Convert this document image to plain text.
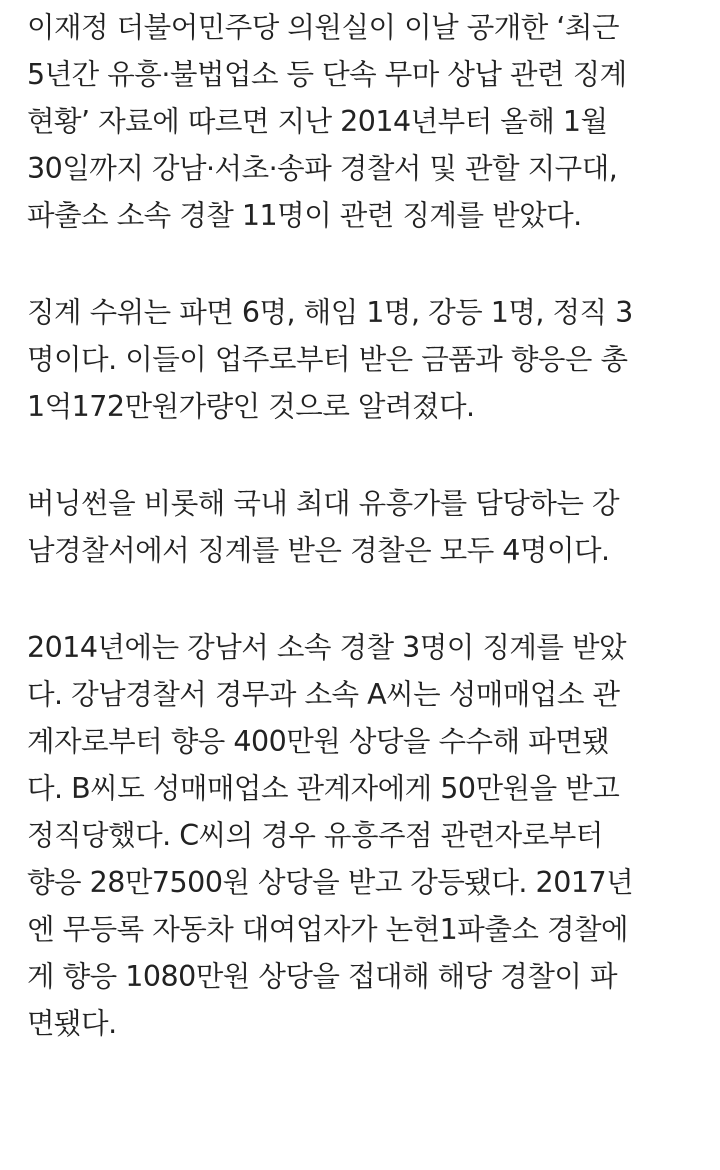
이재정 더불어민주당 의원실이 이날 공개한 ‘최근
5년간 유흥·불법업소 등 단속 무마 상납 관련 징계
현황’ 자료에 따르면 지난 2014년부터 올해 1월
30일까지 강남·서초·송파 경찰서 및 관할 지구대,
파출소 소속 경찰 11명이 관련 징계를 받았다.

징계 수위는 파면 6명, 해임 1명, 강등 1명, 정직 3
명이다. 이들이 업주로부터 받은 금품과 향응은 총
1억172만원가량인 것으로 알려졌다.

버닝썬을 비롯해 국내 최대 유흥가를 담당하는 강
남경찰서에서 징계를 받은 경찰은 모두 4명이다.

2014년에는 강남서 소속 경찰 3명이 징계를 받았
다. 강남경찰서 경무과 소속 A씨는 성매매업소 관
계자로부터 향응 400만원 상당을 수수해 파면됐
다. B씨도 성매매업소 관계자에게 50만원을 받고
정직당했다. C씨의 경우 유흥주점 관련자로부터
향응 28만7500원 상당을 받고 강등됐다. 2017년
엔 무등록 자동차 대여업자가 논현1파출소 경찰에
게 향응 1080만원 상당을 접대해 해당 경찰이 파
면됐다.
